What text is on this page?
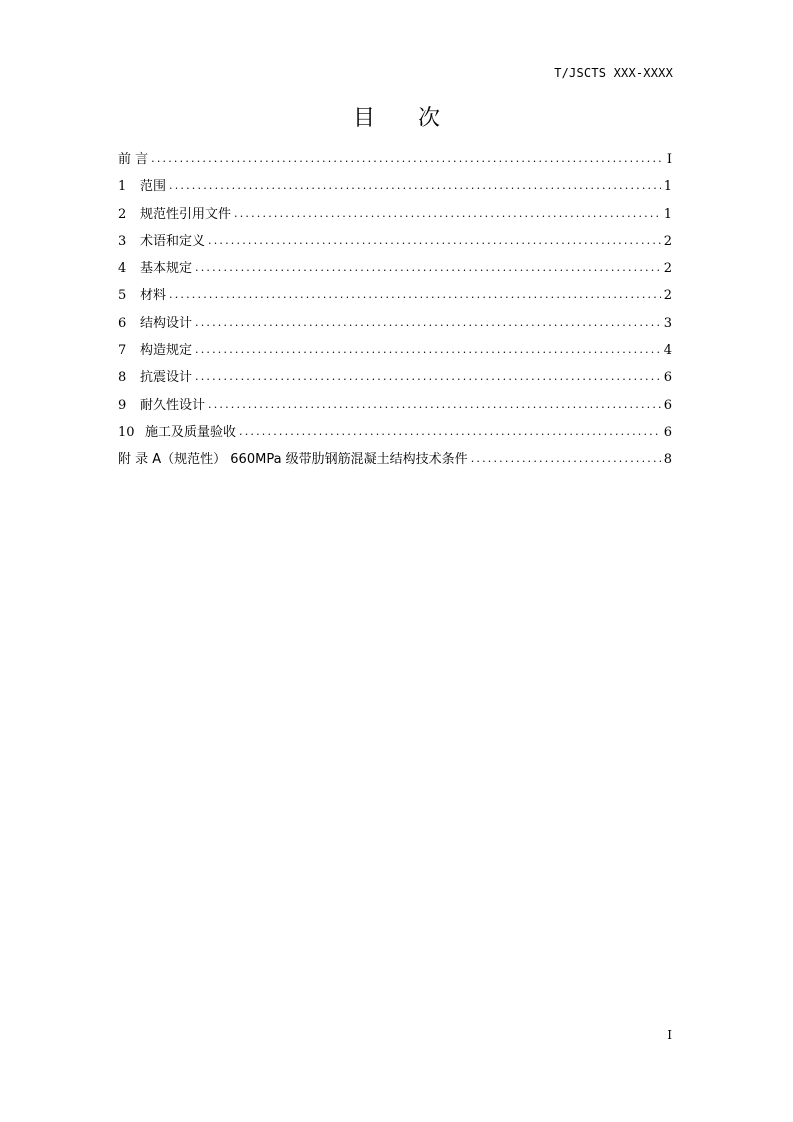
T/JSCTS XXX-XXXX
目 次
前 言 .....	I
1	范围 .....	1
2	规范性引用文件 .....	1
3	术语和定义 .....	2
4	基本规定 .....	2
5	材料 .....	2
6	结构设计 .....	3
7	构造规定 .....	4
8	抗震设计 .....	6
9	耐久性设计 .....	6
10 施工及质量验收 .....	6
附 录 A（规范性） 660MPa 级带肋钢筋混凝土结构技术条件 .....	8
I
